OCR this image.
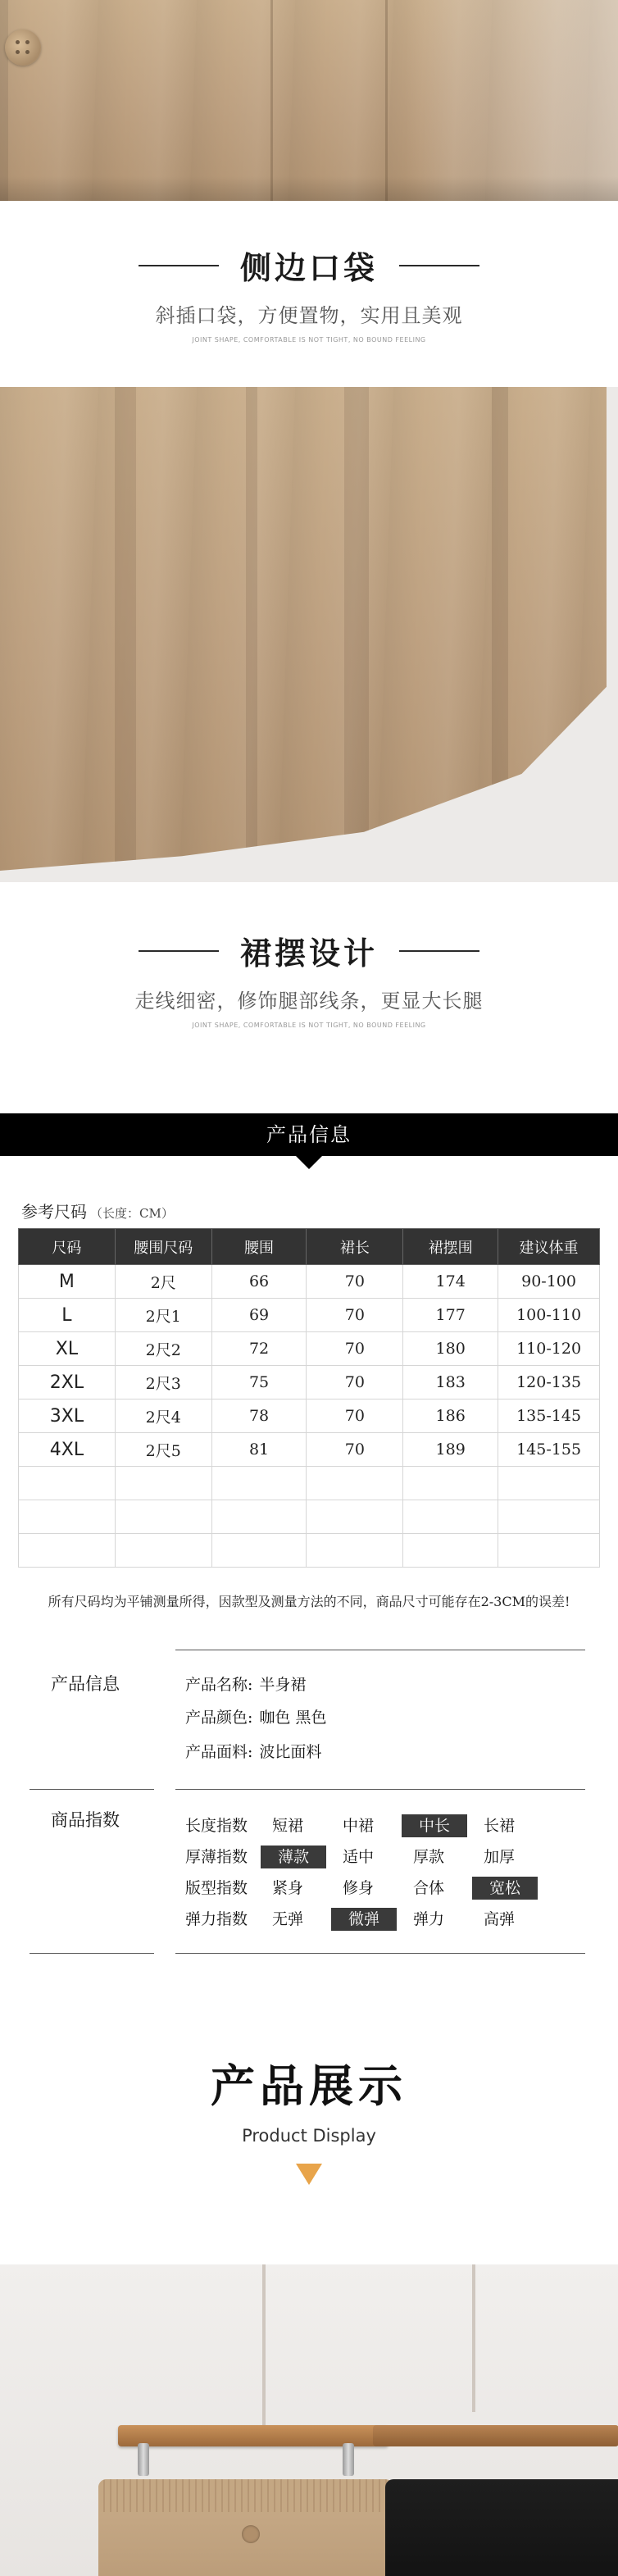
侧边口袋
斜插口袋，方便置物，实用且美观
JOINT SHAPE, COMFORTABLE IS NOT TIGHT, NO BOUND FEELING
裙摆设计
走线细密，修饰腿部线条，更显大长腿
JOINT SHAPE, COMFORTABLE IS NOT TIGHT, NO BOUND FEELING
产品信息
参考尺码 （长度：CM）
尺码	腰围尺码	腰围	裙长	裙摆围	建议体重
M	2尺	66	70	174	90-100
L	2尺1	69	70	177	100-110
XL	2尺2	72	70	180	110-120
2XL	2尺3	75	70	183	120-135
3XL	2尺4	78	70	186	135-145
4XL	2尺5	81	70	189	145-155

所有尺码均为平铺测量所得，因款型及测量方法的不同，商品尺寸可能存在2-3CM的误差!
产品信息	产品名称: 半身裙
产品颜色: 咖色 黑色
产品面料: 波比面料
商品指数	长度指数	短裙	中裙	中长	长裙
厚薄指数	薄款	适中	厚款	加厚
版型指数	紧身	修身	合体	宽松
弹力指数	无弹	微弹	弹力	高弹
产品展示
Product Display
